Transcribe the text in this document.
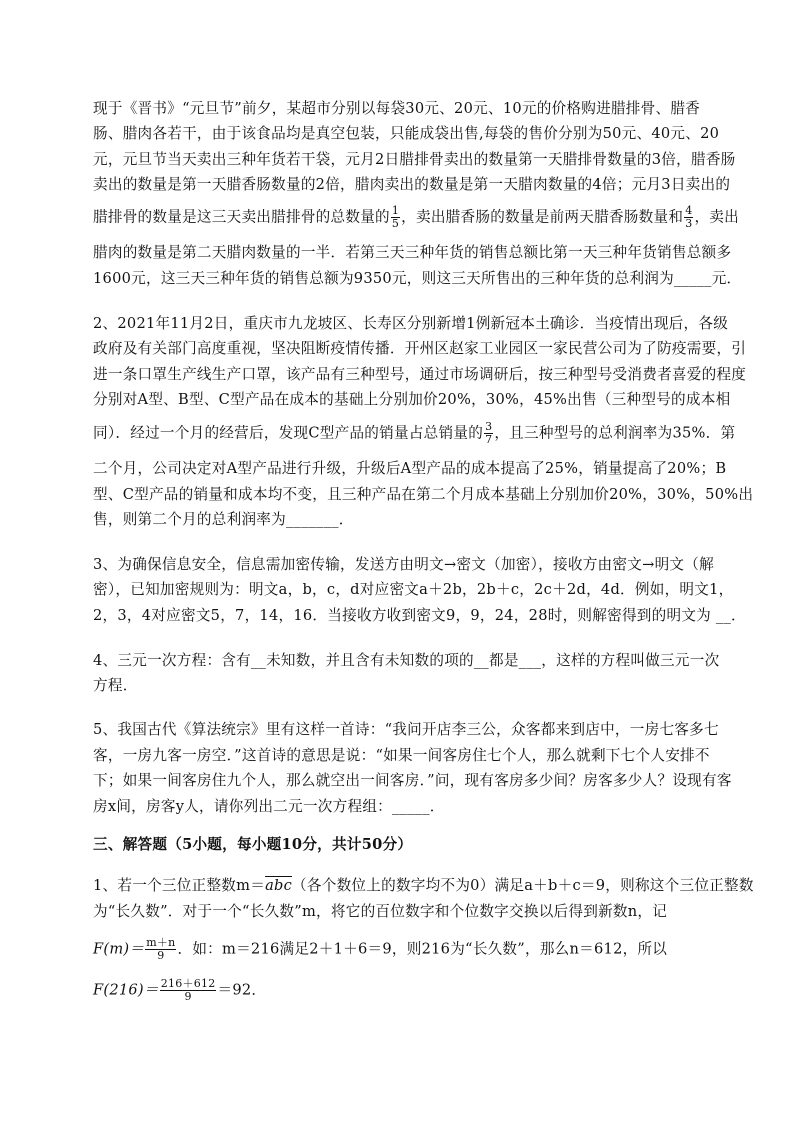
现于《晋书》“元旦节”前夕，某超市分别以每袋30元、20元、10元的价格购进腊排骨、腊香
肠、腊肉各若干，由于该食品均是真空包装，只能成袋出售,每袋的售价分别为50元、40元、20
元，元旦节当天卖出三种年货若干袋，元月2日腊排骨卖出的数量第一天腊排骨数量的3倍，腊香肠
卖出的数量是第一天腊香肠数量的2倍，腊肉卖出的数量是第一天腊肉数量的4倍；元月3日卖出的
腊排骨的数量是这三天卖出腊排骨的总数量的 $\frac{1}{5}$ ，卖出腊香肠的数量是前两天腊香肠数量和 $\frac{4}{3}$ ，卖出
腊肉的数量是第二天腊肉数量的一半．若第三天三种年货的销售总额比第一天三种年货销售总额多
1600元，这三天三种年货的销售总额为9350元，则这三天所售出的三种年货的总利润为_____元．
2、2021年11月2日，重庆市九龙坡区、长寿区分别新增1例新冠本土确诊．当疫情出现后，各级
政府及有关部门高度重视，坚决阻断疫情传播．开州区赵家工业园区一家民营公司为了防疫需要，引
进一条口罩生产线生产口罩，该产品有三种型号，通过市场调研后，按三种型号受消费者喜爱的程度
分别对A型、B型、C型产品在成本的基础上分别加价20%，30%，45%出售（三种型号的成本相
同）．经过一个月的经营后，发现C型产品的销量占总销量的 $\frac{3}{7}$ ，且三种型号的总利润率为35%．第
二个月，公司决定对A型产品进行升级，升级后A型产品的成本提高了25%，销量提高了20%；B
型、C型产品的销量和成本均不变，且三种产品在第二个月成本基础上分别加价20%，30%，50%出
售，则第二个月的总利润率为_______．
3、为确保信息安全，信息需加密传输，发送方由明文→密文（加密），接收方由密文→明文（解
密），已知加密规则为：明文a，b，c，d对应密文a＋2b，2b＋c，2c＋2d，4d．例如，明文1，
2，3，4对应密文5，7，14，16．当接收方收到密文9，9，24，28时，则解密得到的明文为 __．
4、三元一次方程：含有__未知数，并且含有未知数的项的__都是___，这样的方程叫做三元一次
方程．
5、我国古代《算法统宗》里有这样一首诗：“我问开店李三公，众客都来到店中，一房七客多七
客，一房九客一房空．”这首诗的意思是说：“如果一间客房住七个人，那么就剩下七个人安排不
下；如果一间客房住九个人，那么就空出一间客房．”问，现有客房多少间？房客多少人？设现有客
房x间，房客y人，请你列出二元一次方程组：_____．
三、解答题（5小题，每小题10分，共计50分）
1、若一个三位正整数$m=\overline{abc}$（各个数位上的数字均不为0）满足a＋b＋c＝9，则称这个三位正整数
为“长久数”．对于一个“长久数”m，将它的百位数字和个位数字交换以后得到新数n，记
$F(m)= \frac{m+n}{9}$ ．如：m＝216满足2＋1＋6＝9，则216为“长久数”，那么n＝612，所以
$F(216)= \frac{216+612}{9} =92$．
